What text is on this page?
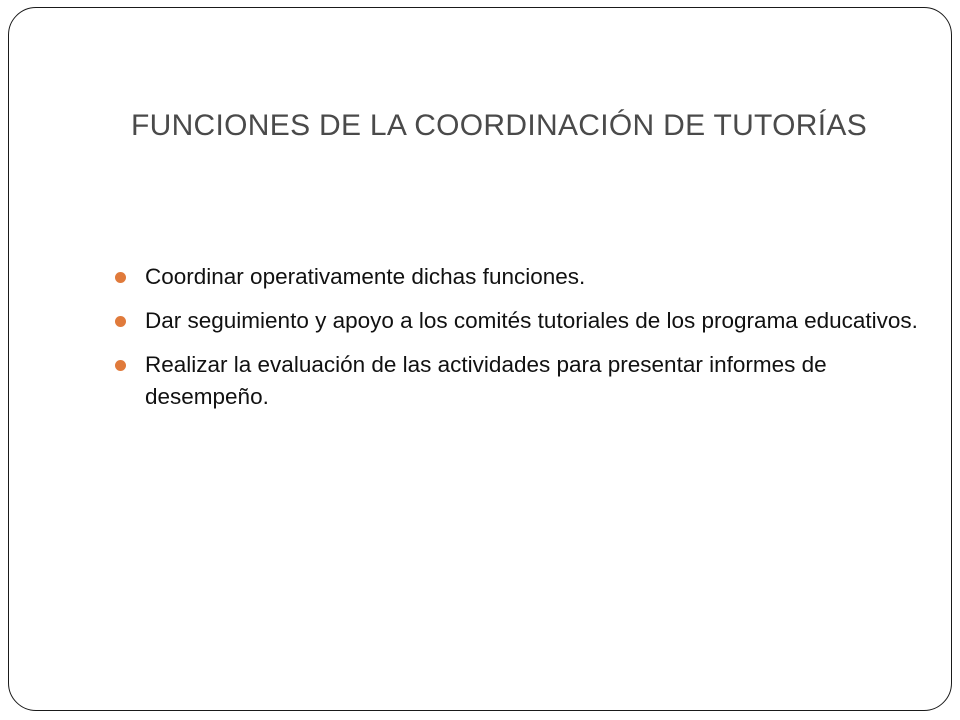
FUNCIONES DE LA COORDINACIÓN DE TUTORÍAS
Coordinar operativamente dichas funciones.
Dar seguimiento y apoyo a los comités tutoriales de los programa educativos.
Realizar la evaluación de las actividades para presentar informes de desempeño.
